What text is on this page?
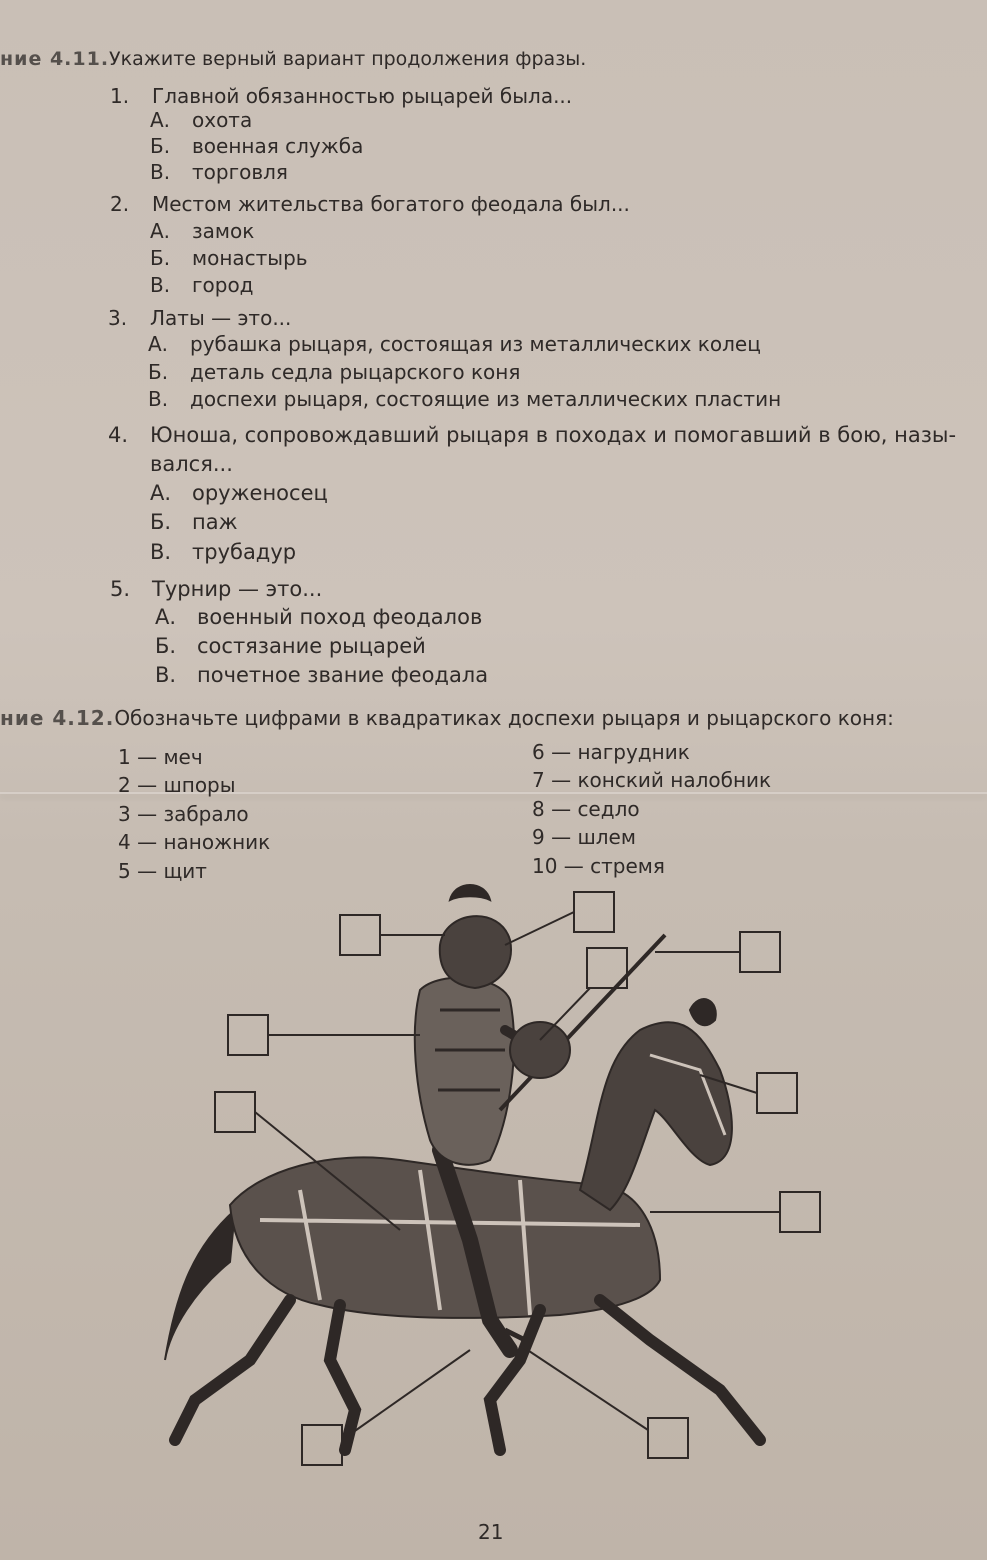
ние 4.11.Укажите верный вариант продолжения фразы.
1. Главной обязанностью рыцарей была...
А. охота
Б. военная служба
В. торговля
2. Местом жительства богатого феодала был...
А. замок
Б. монастырь
В. город
3. Латы — это...
А. рубашка рыцаря, состоящая из металлических колец
Б. деталь седла рыцарского коня
В. доспехи рыцаря, состоящие из металлических пластин
4. Юноша, сопровождавший рыцаря в походах и помогавший в бою, назы-
вался...
А. оруженосец
Б. паж
В. трубадур
5. Турнир — это...
А. военный поход феодалов
Б. состязание рыцарей
В. почетное звание феодала
ние 4.12.Обозначьте цифрами в квадратиках доспехи рыцаря и рыцарского коня:
1 — меч
2 — шпоры
3 — забрало
4 — наножник
5 — щит
6 — нагрудник
7 — конский налобник
8 — седло
9 — шлем
10 — стремя
21
